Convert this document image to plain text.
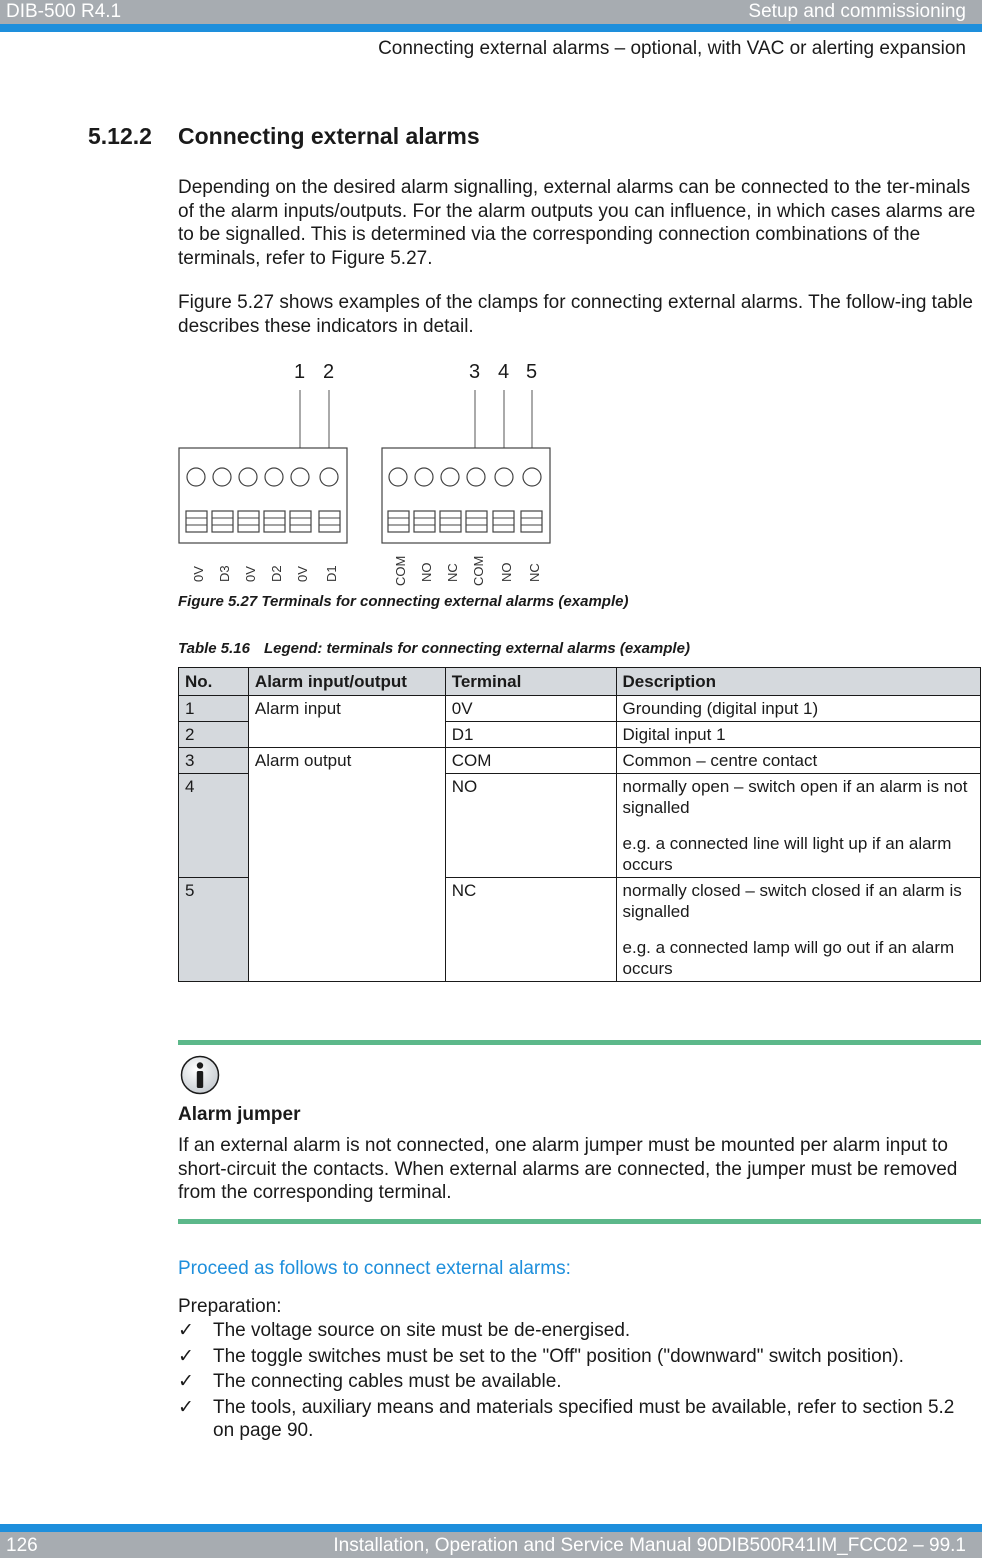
DIB-500 R4.1	Setup and commissioning
Connecting external alarms – optional, with VAC or alerting expansion
5.12.2 Connecting external alarms

Depending on the desired alarm signalling, external alarms can be connected to the ter-minals of the alarm inputs/outputs. For the alarm outputs you can influence, in which cases alarms are to be signalled. This is determined via the corresponding connection combinations of the terminals, refer to Figure 5.27.

Figure 5.27 shows examples of the clamps for connecting external alarms. The follow-ing table describes these indicators in detail.

1 2	3 4 5
0V D3 0V D2 0V D1	COM NO NC COM NO NC
Figure 5.27 Terminals for connecting external alarms (example)
Table 5.16 Legend: terminals for connecting external alarms (example)
No.	Alarm input/output	Terminal	Description
1	Alarm input	0V	Grounding (digital input 1)
2		D1	Digital input 1
3	Alarm output	COM	Common – centre contact
4		NO	normally open – switch open if an alarm is not signalled
e.g. a connected line will light up if an alarm occurs

5		NC	normally closed – switch closed if an alarm is signalled
e.g. a connected lamp will go out if an alarm occurs
Alarm jumper

If an external alarm is not connected, one alarm jumper must be mounted per alarm input to short-circuit the contacts. When external alarms are connected, the jumper must be removed from the corresponding terminal.

Proceed as follows to connect external alarms:
Preparation:
✓	The voltage source on site must be de-energised.
✓	The toggle switches must be set to the "Off" position ("downward" switch position).
✓	The connecting cables must be available.
✓	The tools, auxiliary means and materials specified must be available, refer to section 5.2 on page 90.
126	Installation, Operation and Service Manual 90DIB500R41IM_FCC02 – 99.1
